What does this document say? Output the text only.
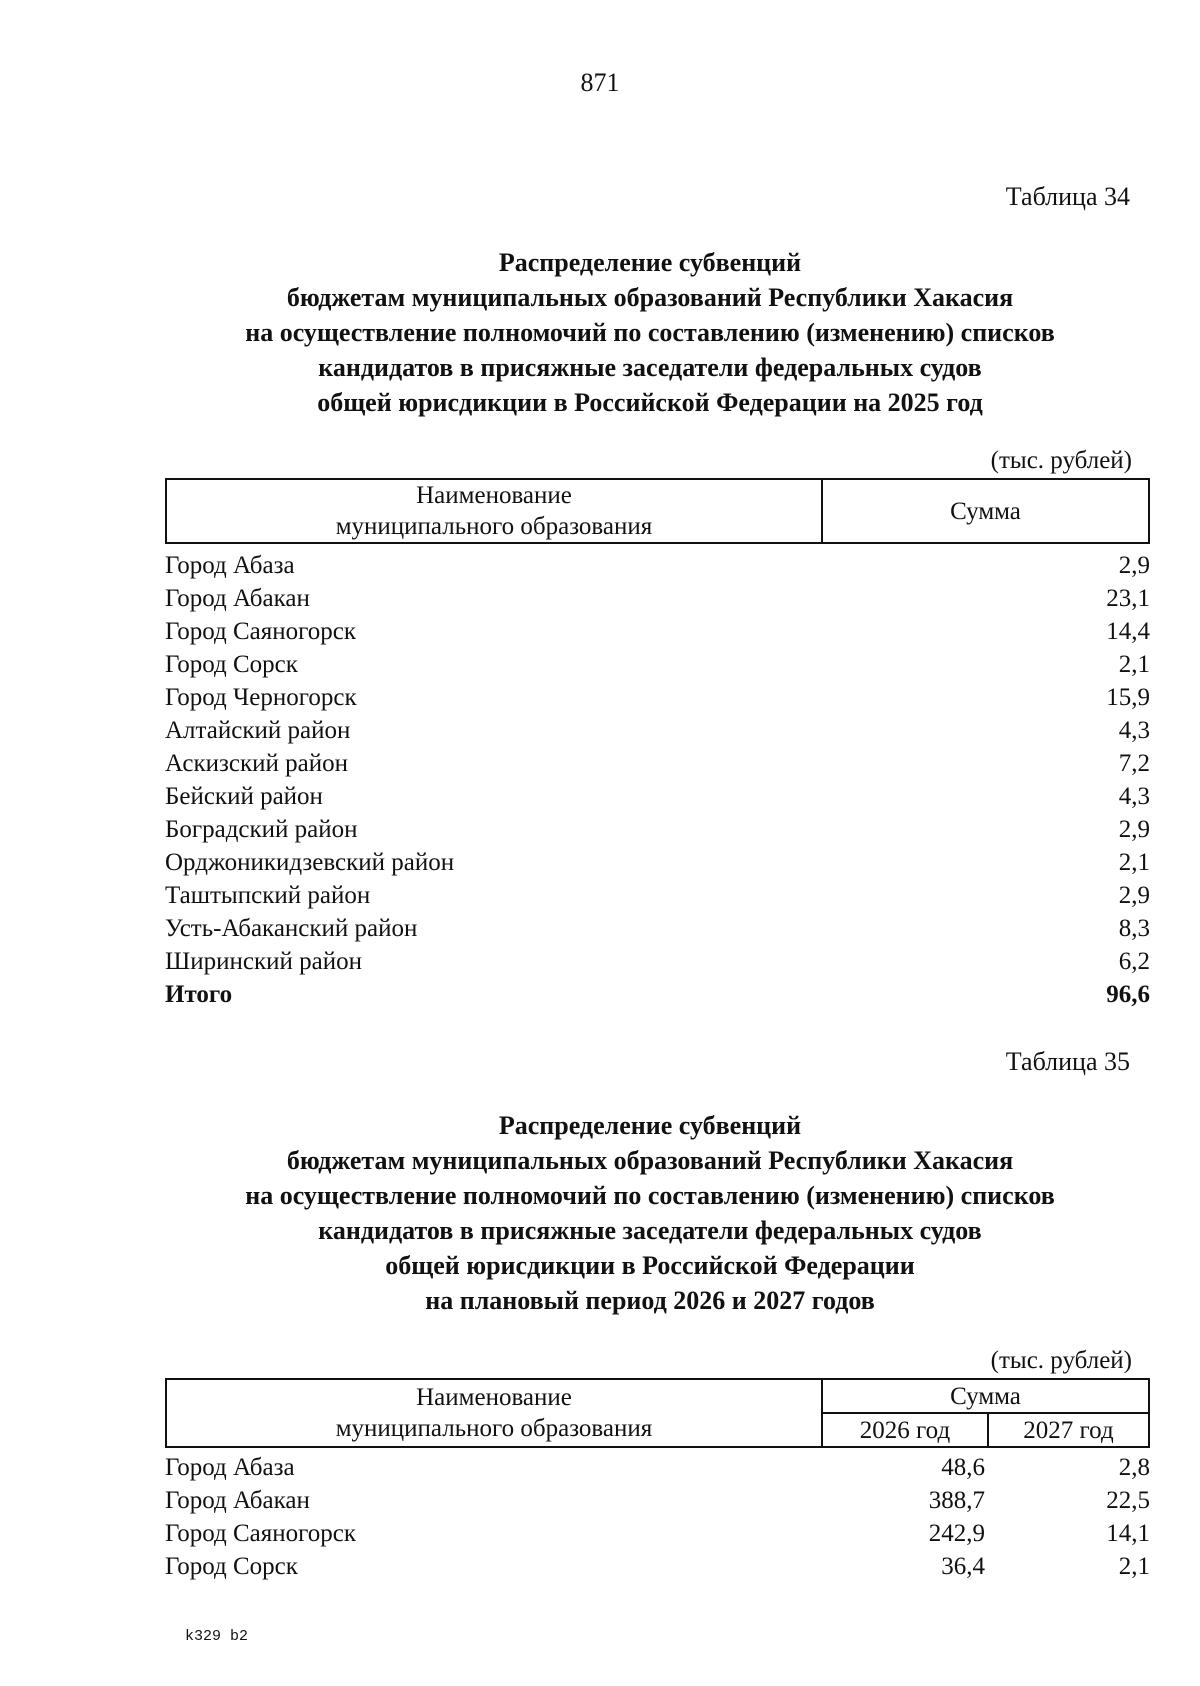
871
Таблица 34
Распределение субвенций
бюджетам муниципальных образований Республики Хакасия
на осуществление полномочий по составлению (изменению) списков
кандидатов в присяжные заседатели федеральных судов
общей юрисдикции в Российской Федерации на 2025 год
(тыс. рублей)
Наименование
муниципального образования
	Сумма
Город Абаза	2,9
Город Абакан	23,1
Город Саяногорск	14,4
Город Сорск	2,1
Город Черногорск	15,9
Алтайский район	4,3
Аскизский район	7,2
Бейский район	4,3
Боградский район	2,9
Орджоникидзевский район	2,1
Таштыпский район	2,9
Усть-Абаканский район	8,3
Ширинский район	6,2
Итого	96,6
Таблица 35
Распределение субвенций
бюджетам муниципальных образований Республики Хакасия
на осуществление полномочий по составлению (изменению) списков
кандидатов в присяжные заседатели федеральных судов
общей юрисдикции в Российской Федерации
на плановый период 2026 и 2027 годов
(тыс. рублей)
Наименование
муниципального образования	Сумма	
	2026 год	2027 год
Город Абаза	48,6	2,8
Город Абакан	388,7	22,5
Город Саяногорск	242,9	14,1
Город Сорск	36,4	2,1
k329 b2
